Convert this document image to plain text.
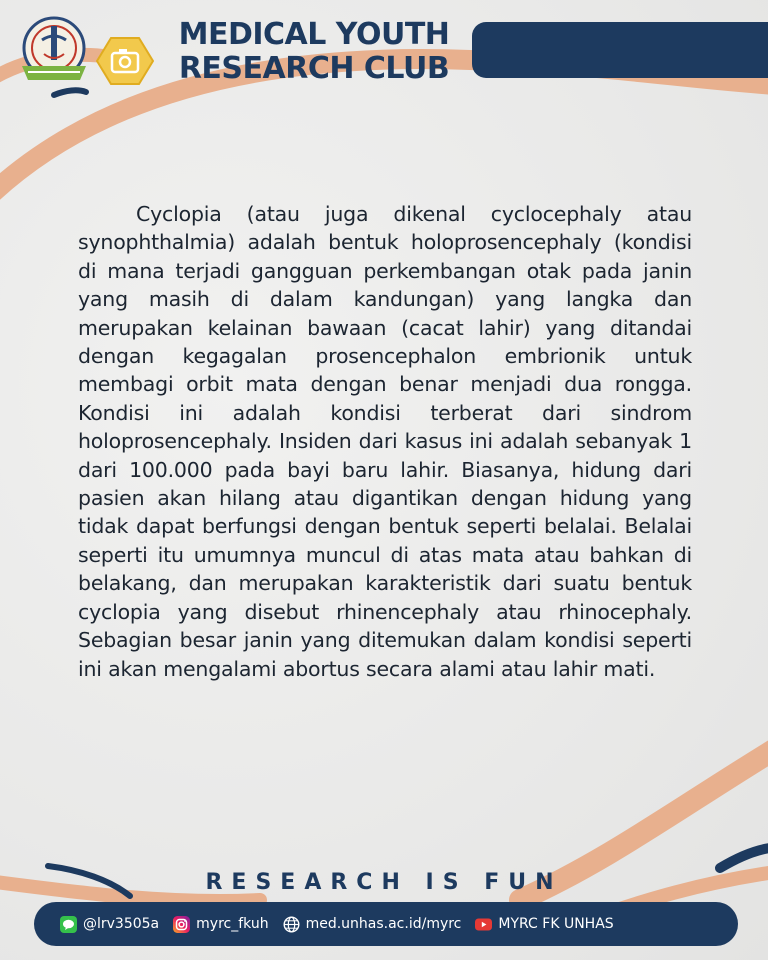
MEDICAL YOUTH
RESEARCH CLUB

Cyclopia (atau juga dikenal cyclocephaly atau synophthalmia) adalah bentuk holoprosencephaly (kondisi di mana terjadi gangguan perkembangan otak pada janin yang masih di dalam kandungan) yang langka dan merupakan kelainan bawaan (cacat lahir) yang ditandai dengan kegagalan prosencephalon embrionik untuk membagi orbit mata dengan benar menjadi dua rongga. Kondisi ini adalah kondisi terberat dari sindrom holoprosencephaly. Insiden dari kasus ini adalah sebanyak 1 dari 100.000 pada bayi baru lahir. Biasanya, hidung dari pasien akan hilang atau digantikan dengan hidung yang tidak dapat berfungsi dengan bentuk seperti belalai. Belalai seperti itu umumnya muncul di atas mata atau bahkan di belakang, dan merupakan karakteristik dari suatu bentuk cyclopia yang disebut rhinencephaly atau rhinocephaly. Sebagian besar janin yang ditemukan dalam kondisi seperti ini akan mengalami abortus secara alami atau lahir mati.

RESEARCH IS FUN
@lrv3505a	myrc_fkuh	med.unhas.ac.id/myrc	MYRC FK UNHAS
